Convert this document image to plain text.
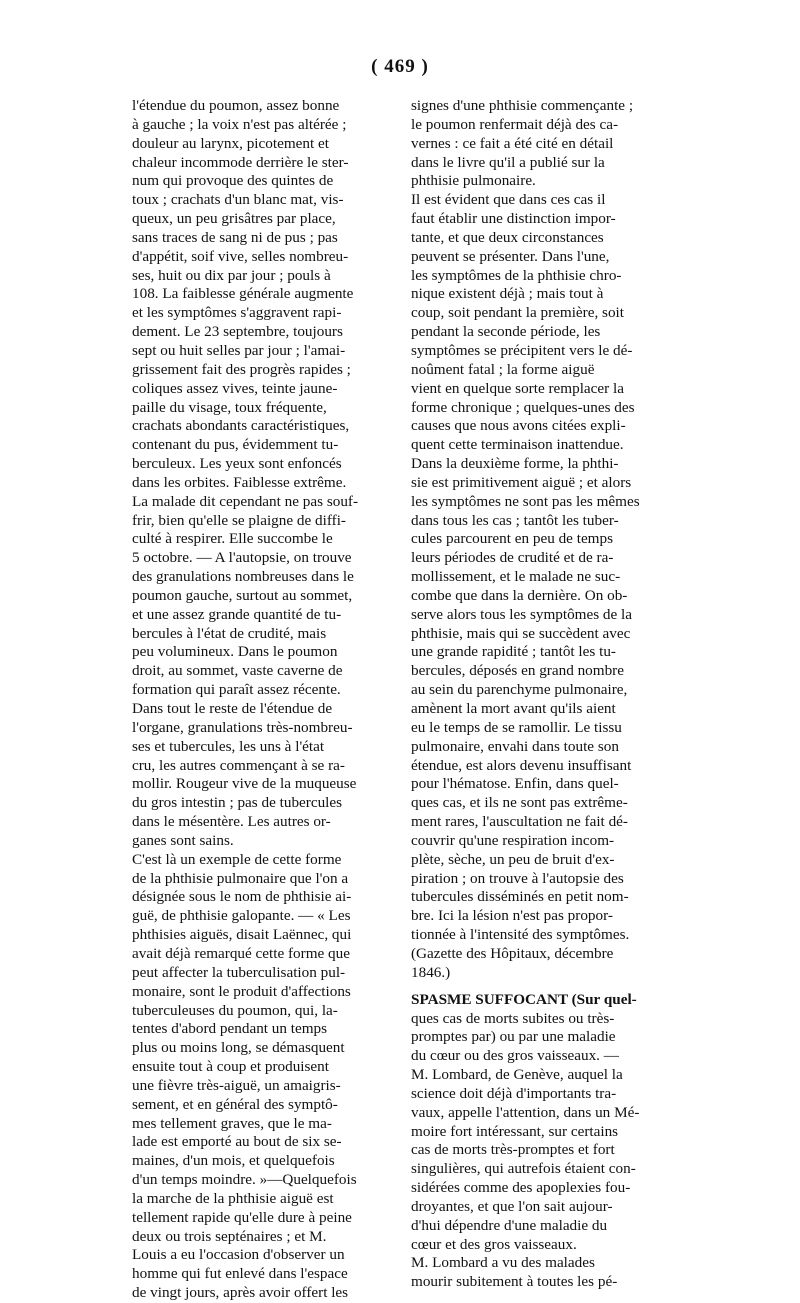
( 469 )
l'étendue du poumon, assez bonne
à gauche ; la voix n'est pas altérée ;
douleur au larynx, picotement et
chaleur incommode derrière le ster-
num qui provoque des quintes de
toux ; crachats d'un blanc mat, vis-
queux, un peu grisâtres par place,
sans traces de sang ni de pus ; pas
d'appétit, soif vive, selles nombreu-
ses, huit ou dix par jour ; pouls à
108. La faiblesse générale augmente
et les symptômes s'aggravent rapi-
dement. Le 23 septembre, toujours
sept ou huit selles par jour ; l'amai-
grissement fait des progrès rapides ;
coliques assez vives, teinte jaune-
paille du visage, toux fréquente,
crachats abondants caractéristiques,
contenant du pus, évidemment tu-
berculeux. Les yeux sont enfoncés
dans les orbites. Faiblesse extrême.
La malade dit cependant ne pas souf-
frir, bien qu'elle se plaigne de diffi-
culté à respirer. Elle succombe le
5 octobre. — A l'autopsie, on trouve
des granulations nombreuses dans le
poumon gauche, surtout au sommet,
et une assez grande quantité de tu-
bercules à l'état de crudité, mais
peu volumineux. Dans le poumon
droit, au sommet, vaste caverne de
formation qui paraît assez récente.
Dans tout le reste de l'étendue de
l'organe, granulations très-nombreu-
ses et tubercules, les uns à l'état
cru, les autres commençant à se ra-
mollir. Rougeur vive de la muqueuse
du gros intestin ; pas de tubercules
dans le mésentère. Les autres or-
ganes sont sains.
C'est là un exemple de cette forme
de la phthisie pulmonaire que l'on a
désignée sous le nom de phthisie ai-
guë, de phthisie galopante. — « Les
phthisies aiguës, disait Laënnec, qui
avait déjà remarqué cette forme que
peut affecter la tuberculisation pul-
monaire, sont le produit d'affections
tuberculeuses du poumon, qui, la-
tentes d'abord pendant un temps
plus ou moins long, se démasquent
ensuite tout à coup et produisent
une fièvre très-aiguë, un amaigris-
sement, et en général des symptô-
mes tellement graves, que le ma-
lade est emporté au bout de six se-
maines, d'un mois, et quelquefois
d'un temps moindre. »—Quelquefois
la marche de la phthisie aiguë est
tellement rapide qu'elle dure à peine
deux ou trois septénaires ; et M.
Louis a eu l'occasion d'observer un
homme qui fut enlevé dans l'espace
de vingt jours, après avoir offert les
signes d'une phthisie commençante ;
le poumon renfermait déjà des ca-
vernes : ce fait a été cité en détail
dans le livre qu'il a publié sur la
phthisie pulmonaire.
Il est évident que dans ces cas il
faut établir une distinction impor-
tante, et que deux circonstances
peuvent se présenter. Dans l'une,
les symptômes de la phthisie chro-
nique existent déjà ; mais tout à
coup, soit pendant la première, soit
pendant la seconde période, les
symptômes se précipitent vers le dé-
noûment fatal ; la forme aiguë
vient en quelque sorte remplacer la
forme chronique ; quelques-unes des
causes que nous avons citées expli-
quent cette terminaison inattendue.
Dans la deuxième forme, la phthi-
sie est primitivement aiguë ; et alors
les symptômes ne sont pas les mêmes
dans tous les cas ; tantôt les tuber-
cules parcourent en peu de temps
leurs périodes de crudité et de ra-
mollissement, et le malade ne suc-
combe que dans la dernière. On ob-
serve alors tous les symptômes de la
phthisie, mais qui se succèdent avec
une grande rapidité ; tantôt les tu-
bercules, déposés en grand nombre
au sein du parenchyme pulmonaire,
amènent la mort avant qu'ils aient
eu le temps de se ramollir. Le tissu
pulmonaire, envahi dans toute son
étendue, est alors devenu insuffisant
pour l'hématose. Enfin, dans quel-
ques cas, et ils ne sont pas extrême-
ment rares, l'auscultation ne fait dé-
couvrir qu'une respiration incom-
plète, sèche, un peu de bruit d'ex-
piration ; on trouve à l'autopsie des
tubercules disséminés en petit nom-
bre. Ici la lésion n'est pas propor-
tionnée à l'intensité des symptômes.
(Gazette des Hôpitaux, décembre
1846.)
SPASME SUFFOCANT (Sur quel-
ques cas de morts subites ou très-
promptes par) ou par une maladie
du cœur ou des gros vaisseaux. —
M. Lombard, de Genève, auquel la
science doit déjà d'importants tra-
vaux, appelle l'attention, dans un Mé-
moire fort intéressant, sur certains
cas de morts très-promptes et fort
singulières, qui autrefois étaient con-
sidérées comme des apoplexies fou-
droyantes, et que l'on sait aujour-
d'hui dépendre d'une maladie du
cœur et des gros vaisseaux.
M. Lombard a vu des malades
mourir subitement à toutes les pé-
